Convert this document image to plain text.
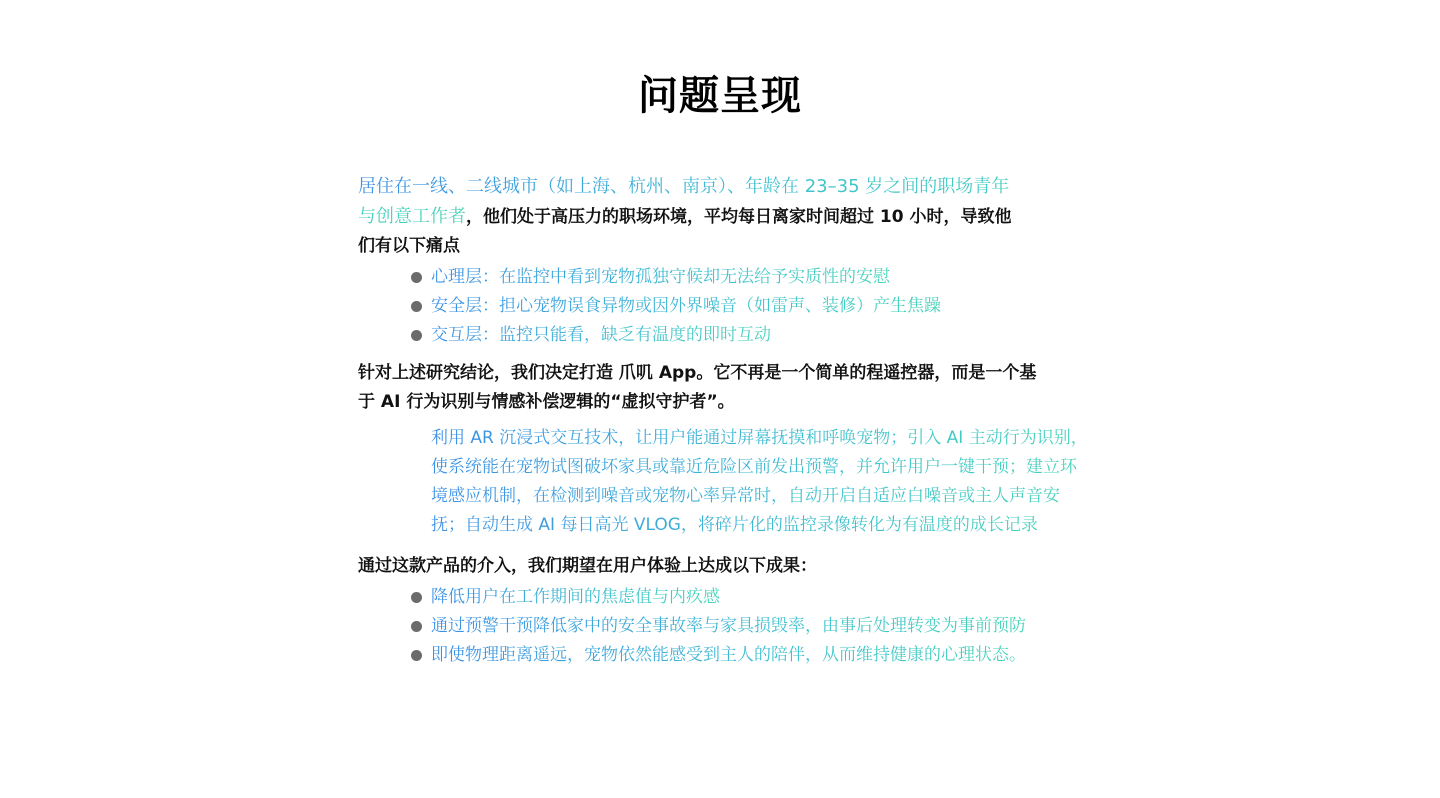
问题呈现

居住在一线、二线城市（如上海、杭州、南京）、年龄在 23–35 岁之间的职场青年与创意工作者，他们处于高压力的职场环境，平均每日离家时间超过 10 小时，导致他们有以下痛点

心理层：在监控中看到宠物孤独守候却无法给予实质性的安慰
安全层：担心宠物误食异物或因外界噪音（如雷声、装修）产生焦躁
交互层：监控只能看，缺乏有温度的即时互动

针对上述研究结论，我们决定打造 爪叽 App。它不再是一个简单的程遥控器，而是一个基于 AI 行为识别与情感补偿逻辑的“虚拟守护者”。

利用 AR 沉浸式交互技术，让用户能通过屏幕抚摸和呼唤宠物；引入 AI 主动行为识别，使系统能在宠物试图破坏家具或靠近危险区前发出预警，并允许用户一键干预；建立环境感应机制，在检测到噪音或宠物心率异常时，自动开启自适应白噪音或主人声音安抚；自动生成 AI 每日高光 VLOG，将碎片化的监控录像转化为有温度的成长记录

通过这款产品的介入，我们期望在用户体验上达成以下成果：

降低用户在工作期间的焦虑值与内疚感
通过预警干预降低家中的安全事故率与家具损毁率，由事后处理转变为事前预防
即使物理距离遥远，宠物依然能感受到主人的陪伴，从而维持健康的心理状态。
